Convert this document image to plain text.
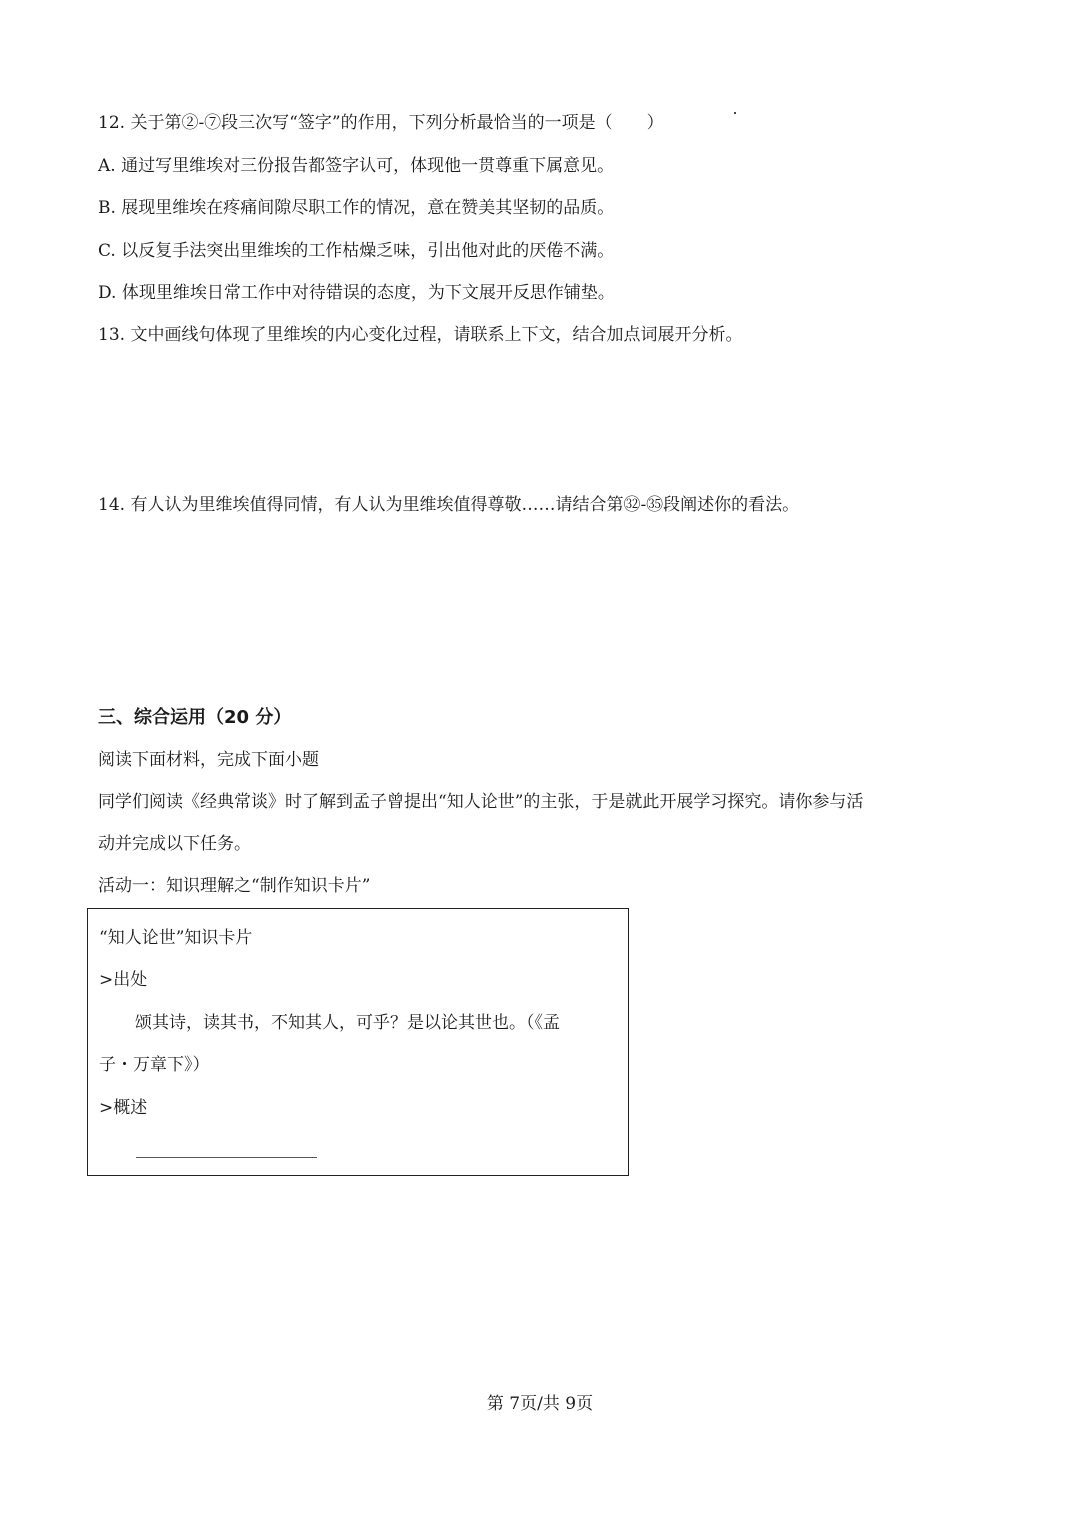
12. 关于第②-⑦段三次写“签字”的作用，下列分析最恰当的一项是（　　）
A. 通过写里维埃对三份报告都签字认可，体现他一贯尊重下属意见。
B. 展现里维埃在疼痛间隙尽职工作的情况，意在赞美其坚韧的品质。
C. 以反复手法突出里维埃的工作枯燥乏味，引出他对此的厌倦不满。
D. 体现里维埃日常工作中对待错误的态度，为下文展开反思作铺垫。
13. 文中画线句体现了里维埃的内心变化过程，请联系上下文，结合加点词展开分析。
14. 有人认为里维埃值得同情，有人认为里维埃值得尊敬……请结合第㉜-㉟段阐述你的看法。
三、综合运用（20 分）
阅读下面材料，完成下面小题
同学们阅读《经典常谈》时了解到孟子曾提出“知人论世”的主张，于是就此开展学习探究。请你参与活
动并完成以下任务。
活动一：知识理解之“制作知识卡片”
“知人论世”知识卡片
>出处
颂其诗，读其书，不知其人，可乎？是以论其世也。（《孟
子・万章下》）
>概述
第 7页/共 9页
